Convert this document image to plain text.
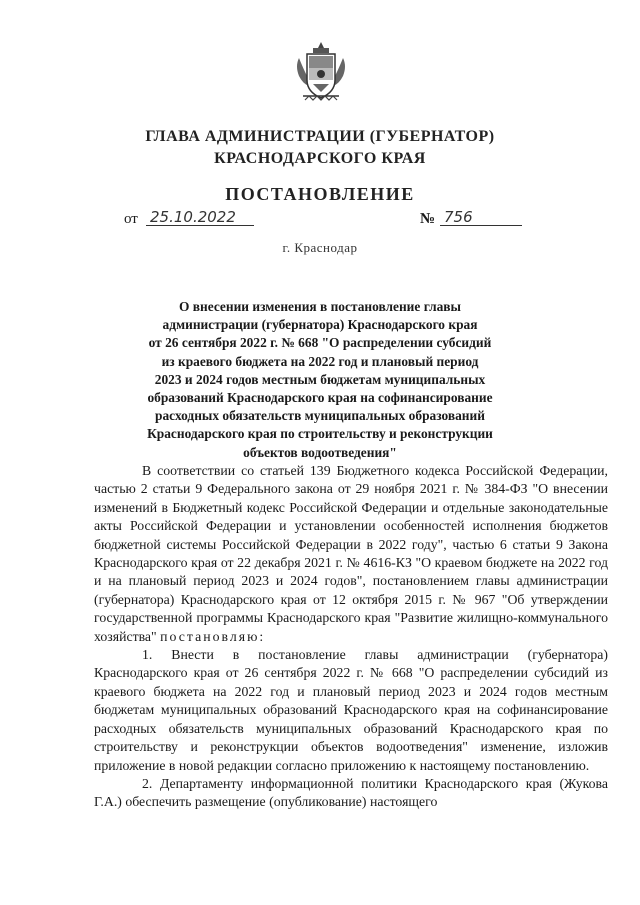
ГЛАВА АДМИНИСТРАЦИИ (ГУБЕРНАТОР)
КРАСНОДАРСКОГО КРАЯ
ПОСТАНОВЛЕНИЕ
от 25.10.2022	№ 756
г. Краснодар
О внесении изменения в постановление главы
администрации (губернатора) Краснодарского края
от 26 сентября 2022 г. № 668 "О распределении субсидий
из краевого бюджета на 2022 год и плановый период
2023 и 2024 годов местным бюджетам муниципальных
образований Краснодарского края на софинансирование
расходных обязательств муниципальных образований
Краснодарского края по строительству и реконструкции
объектов водоотведения"

В соответствии со статьей 139 Бюджетного кодекса Российской Федерации, частью 2 статьи 9 Федерального закона от 29 ноября 2021 г. № 384-ФЗ "О внесении изменений в Бюджетный кодекс Российской Федерации и отдельные законодательные акты Российской Федерации и установлении особенностей исполнения бюджетов бюджетной системы Российской Федерации в 2022 году", частью 6 статьи 9 Закона Краснодарского края от 22 декабря 2021 г. № 4616-КЗ "О краевом бюджете на 2022 год и на плановый период 2023 и 2024 годов", постановлением главы администрации (губернатора) Краснодарского края от 12 октября 2015 г. № 967 "Об утверждении государственной программы Краснодарского края "Развитие жилищно-коммунального хозяйства" постановляю:

1. Внести в постановление главы администрации (губернатора) Краснодарского края от 26 сентября 2022 г. № 668 "О распределении субсидий из краевого бюджета на 2022 год и плановый период 2023 и 2024 годов местным бюджетам муниципальных образований Краснодарского края на софинансирование расходных обязательств муниципальных образований Краснодарского края по строительству и реконструкции объектов водоотведения" изменение, изложив приложение в новой редакции согласно приложению к настоящему постановлению.

2. Департаменту информационной политики Краснодарского края (Жукова Г.А.) обеспечить размещение (опубликование) настоящего
